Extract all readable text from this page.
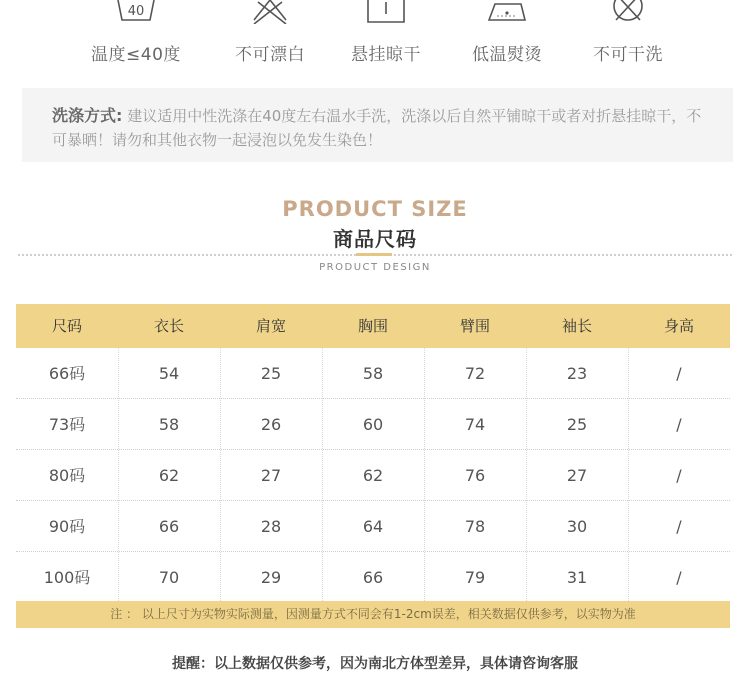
40
温度≤40度	不可漂白	悬挂晾干	低温熨烫	不可干洗
洗涤方式: 建议适用中性洗涤在40度左右温水手洗，洗涤以后自然平铺晾干或者对折悬挂晾干，不可暴晒！请勿和其他衣物一起浸泡以免发生染色！
PRODUCT SIZE
商品尺码
PRODUCT DESIGN
尺码	衣长	肩宽	胸围	臂围	袖长	身高
66码	54	25	58	72	23	/
73码	58	26	60	74	25	/
80码	62	27	62	76	27	/
90码	66	28	64	78	30	/
100码	70	29	66	79	31	/
注 ： 以上尺寸为实物实际测量，因测量方式不同会有1-2cm误差，相关数据仅供参考，以实物为准
提醒：以上数据仅供参考，因为南北方体型差异，具体请咨询客服
